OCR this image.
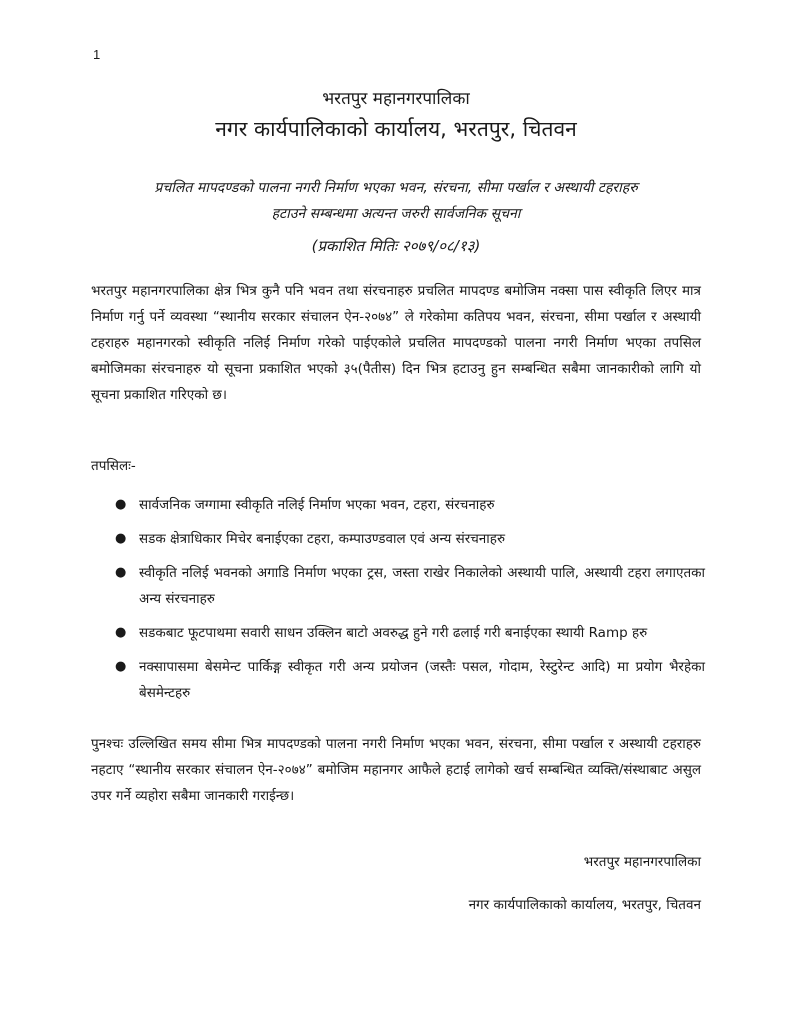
1
भरतपुर महानगरपालिका
नगर कार्यपालिकाको कार्यालय, भरतपुर, चितवन
प्रचलित मापदण्डको पालना नगरी निर्माण भएका भवन, संरचना, सीमा पर्खाल र अस्थायी टहराहरु
हटाउने सम्बन्धमा अत्यन्त जरुरी सार्वजनिक सूचना
(प्रकाशित मितिः २०७९/०८/१३)
भरतपुर महानगरपालिका क्षेत्र भित्र कुनै पनि भवन तथा संरचनाहरु प्रचलित मापदण्ड बमोजिम नक्सा पास स्वीकृति लिएर मात्र निर्माण गर्नु पर्ने व्यवस्था “स्थानीय सरकार संचालन ऐन-२०७४” ले गरेकोमा कतिपय भवन, संरचना, सीमा पर्खाल र अस्थायी टहराहरु महानगरको स्वीकृति नलिई निर्माण गरेको पाईएकोले प्रचलित मापदण्डको पालना नगरी निर्माण भएका तपसिल बमोजिमका संरचनाहरु यो सूचना प्रकाशित भएको ३५(पैतीस) दिन भित्र हटाउनु हुन सम्बन्धित सबैमा जानकारीको लागि यो सूचना प्रकाशित गरिएको छ।
तपसिलः-
● सार्वजनिक जग्गामा स्वीकृति नलिई निर्माण भएका भवन, टहरा, संरचनाहरु
● सडक क्षेत्राधिकार मिचेर बनाईएका टहरा, कम्पाउण्डवाल एवं अन्य संरचनाहरु
● स्वीकृति नलिई भवनको अगाडि निर्माण भएका ट्रस, जस्ता राखेर निकालेको अस्थायी पालि, अस्थायी टहरा लगाएतका अन्य संरचनाहरु
● सडकबाट फूटपाथमा सवारी साधन उक्लिन बाटो अवरुद्ध हुने गरी ढलाई गरी बनाईएका स्थायी Ramp हरु
● नक्सापासमा बेसमेन्ट पार्किङ्ग स्वीकृत गरी अन्य प्रयोजन (जस्तैः पसल, गोदाम, रेस्टुरेन्ट आदि) मा प्रयोग भैरहेका बेसमेन्टहरु
पुनश्चः उल्लिखित समय सीमा भित्र मापदण्डको पालना नगरी निर्माण भएका भवन, संरचना, सीमा पर्खाल र अस्थायी टहराहरु नहटाए “स्थानीय सरकार संचालन ऐन-२०७४” बमोजिम महानगर आफैले हटाई लागेको खर्च सम्बन्धित व्यक्ति/संस्थाबाट असुल उपर गर्ने व्यहोरा सबैमा जानकारी गराईन्छ।
भरतपुर महानगरपालिका
नगर कार्यपालिकाको कार्यालय, भरतपुर, चितवन
